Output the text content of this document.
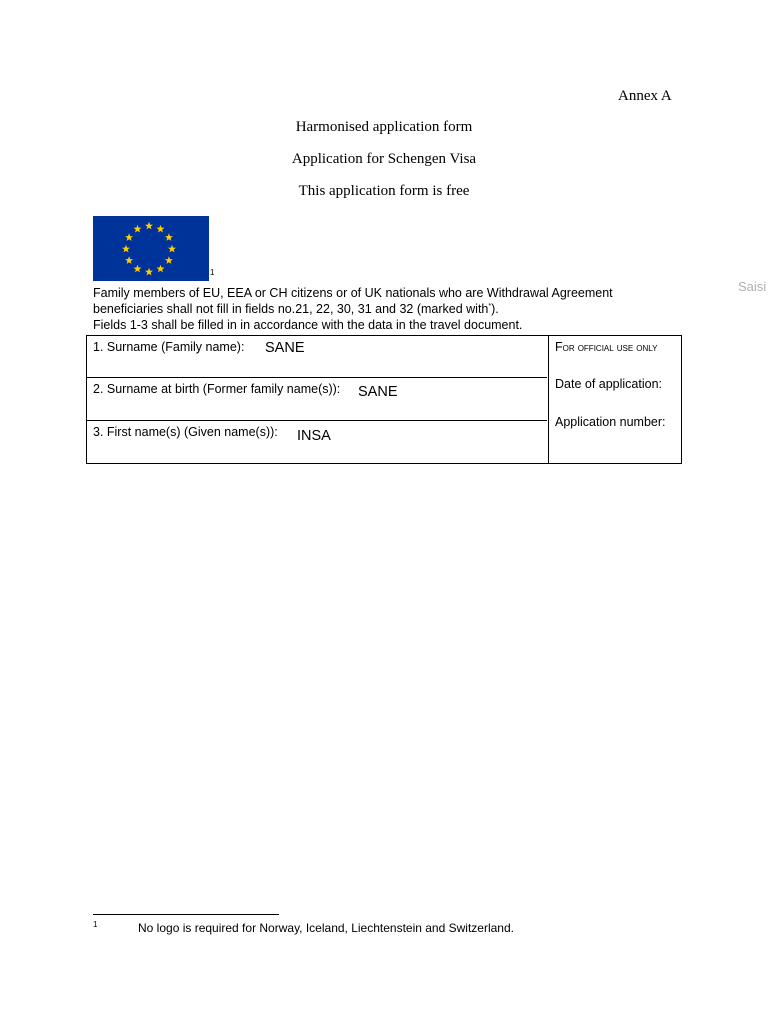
Annex A
Harmonised application form
Application for Schengen Visa
This application form is free
1
Saisi
Family members of EU, EEA or CH citizens or of UK nationals who are Withdrawal Agreement
beneficiaries shall not fill in fields no.21, 22, 30, 31 and 32 (marked with*).
Fields 1-3 shall be filled in in accordance with the data in the travel document.
1. Surname (Family name): SANE
2. Surname at birth (Former family name(s)): SANE
3. First name(s) (Given name(s)): INSA
For official use only
Date of application:
Application number:
1	No logo is required for Norway, Iceland, Liechtenstein and Switzerland.
